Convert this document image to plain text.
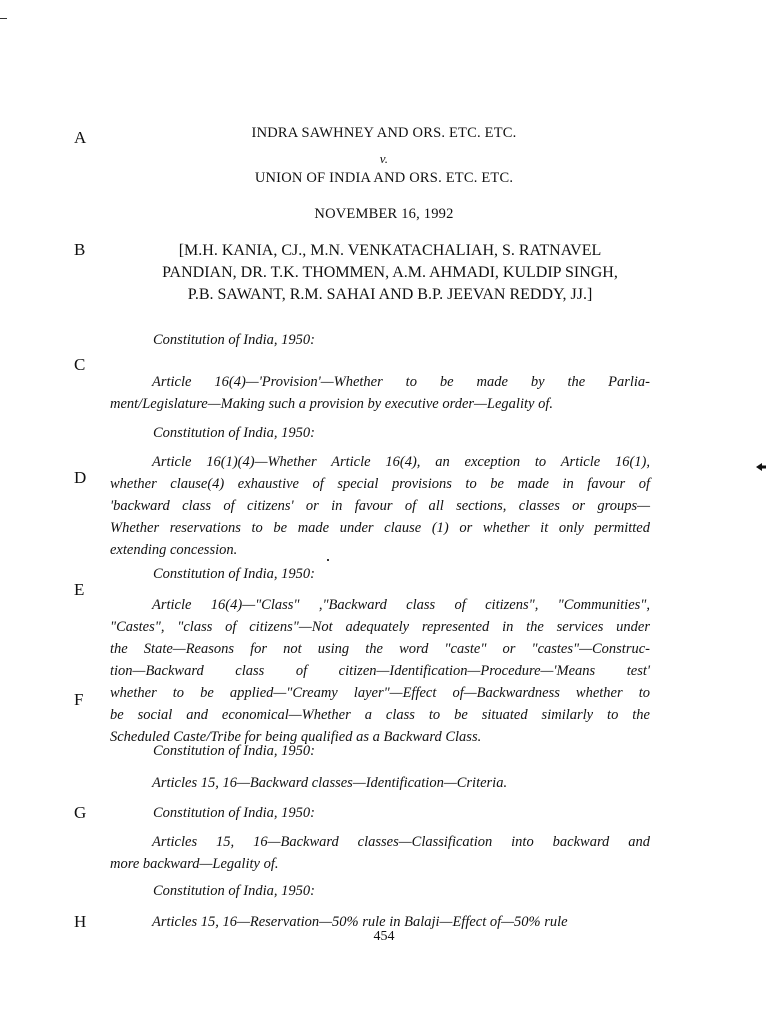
INDRA SAWHNEY AND ORS. ETC. ETC.
v.
UNION OF INDIA AND ORS. ETC. ETC.
NOVEMBER 16, 1992
[M.H. KANIA, CJ., M.N. VENKATACHALIAH, S. RATNAVEL
PANDIAN, DR. T.K. THOMMEN, A.M. AHMADI, KULDIP SINGH,
P.B. SAWANT, R.M. SAHAI AND B.P. JEEVAN REDDY, JJ.]
A
B
C
D
E
F
G
H
Constitution of India, 1950:
Article 16(4)—'Provision'—Whether to be made by the Parlia-
ment/Legislature—Making such a provision by executive order—Legality of.
Constitution of India, 1950:
Article 16(1)(4)—Whether Article 16(4), an exception to Article 16(1),
whether clause(4) exhaustive of special provisions to be made in favour of
'backward class of citizens' or in favour of all sections, classes or groups—
Whether reservations to be made under clause (1) or whether it only permitted
extending concession.
Constitution of India, 1950:
Article 16(4)—"Class" ,"Backward class of citizens", "Communities",
"Castes", "class of citizens"—Not adequately represented in the services under
the State—Reasons for not using the word "caste" or "castes"—Construc-
tion—Backward class of citizen—Identification—Procedure—'Means test'
whether to be applied—"Creamy layer"—Effect of—Backwardness whether to
be social and economical—Whether a class to be situated similarly to the
Scheduled Caste/Tribe for being qualified as a Backward Class.
Constitution of India, 1950:
Articles 15, 16—Backward classes—Identification—Criteria.
Constitution of India, 1950:
Articles 15, 16—Backward classes—Classification into backward and
more backward—Legality of.
Constitution of India, 1950:
Articles 15, 16—Reservation—50% rule in Balaji—Effect of—50% rule
454
